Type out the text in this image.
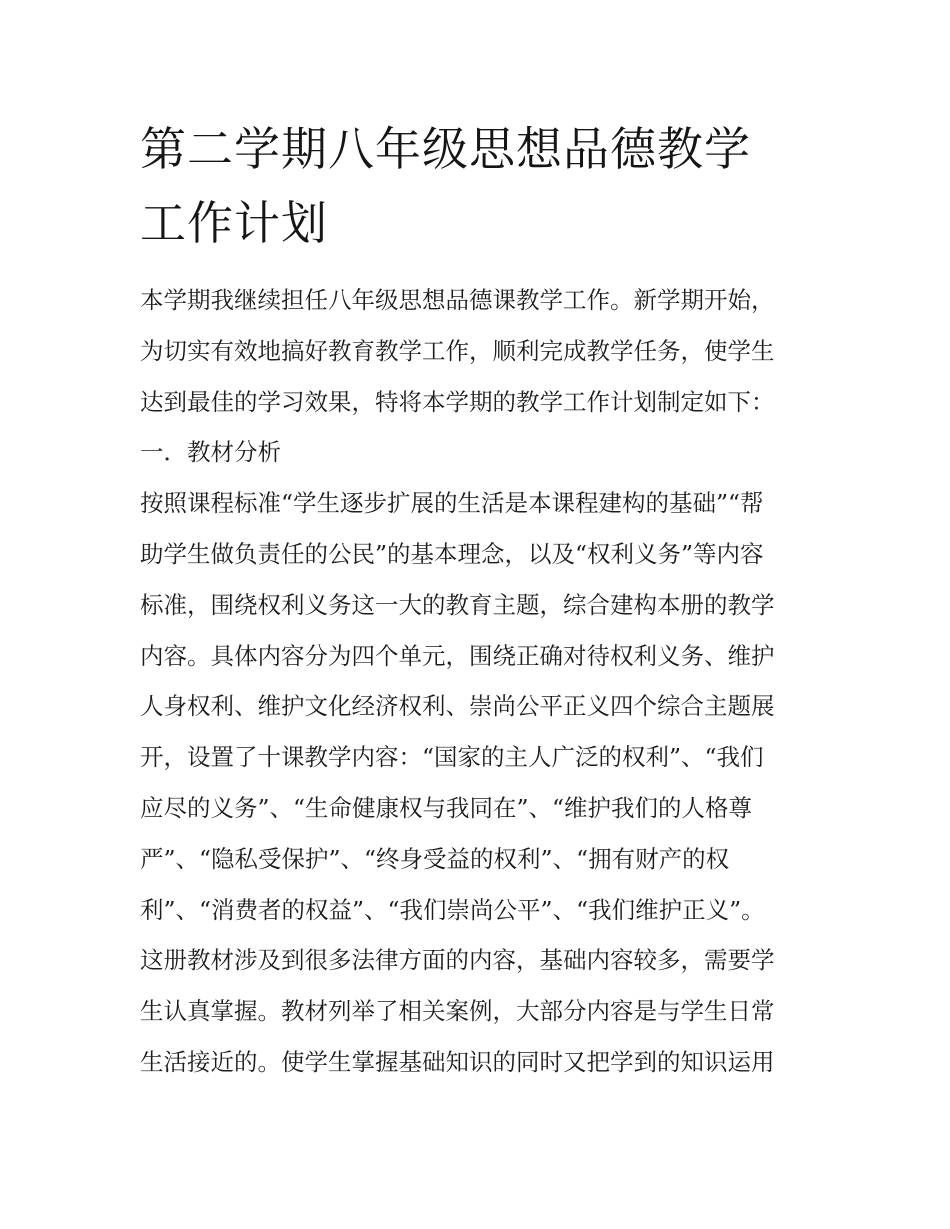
第二学期八年级思想品德教学
工作计划
本学期我继续担任八年级思想品德课教学工作。新学期开始，
为切实有效地搞好教育教学工作，顺利完成教学任务，使学生
达到最佳的学习效果，特将本学期的教学工作计划制定如下：
一．教材分析
按照课程标准“学生逐步扩展的生活是本课程建构的基础”“帮
助学生做负责任的公民”的基本理念，以及“权利义务”等内容
标准，围绕权利义务这一大的教育主题，综合建构本册的教学
内容。具体内容分为四个单元，围绕正确对待权利义务、维护
人身权利、维护文化经济权利、崇尚公平正义四个综合主题展
开，设置了十课教学内容：“国家的主人广泛的权利”、“我们
应尽的义务”、“生命健康权与我同在”、“维护我们的人格尊
严”、“隐私受保护”、“终身受益的权利”、“拥有财产的权
利”、“消费者的权益”、“我们崇尚公平”、“我们维护正义”。
这册教材涉及到很多法律方面的内容，基础内容较多，需要学
生认真掌握。教材列举了相关案例，大部分内容是与学生日常
生活接近的。使学生掌握基础知识的同时又把学到的知识运用
